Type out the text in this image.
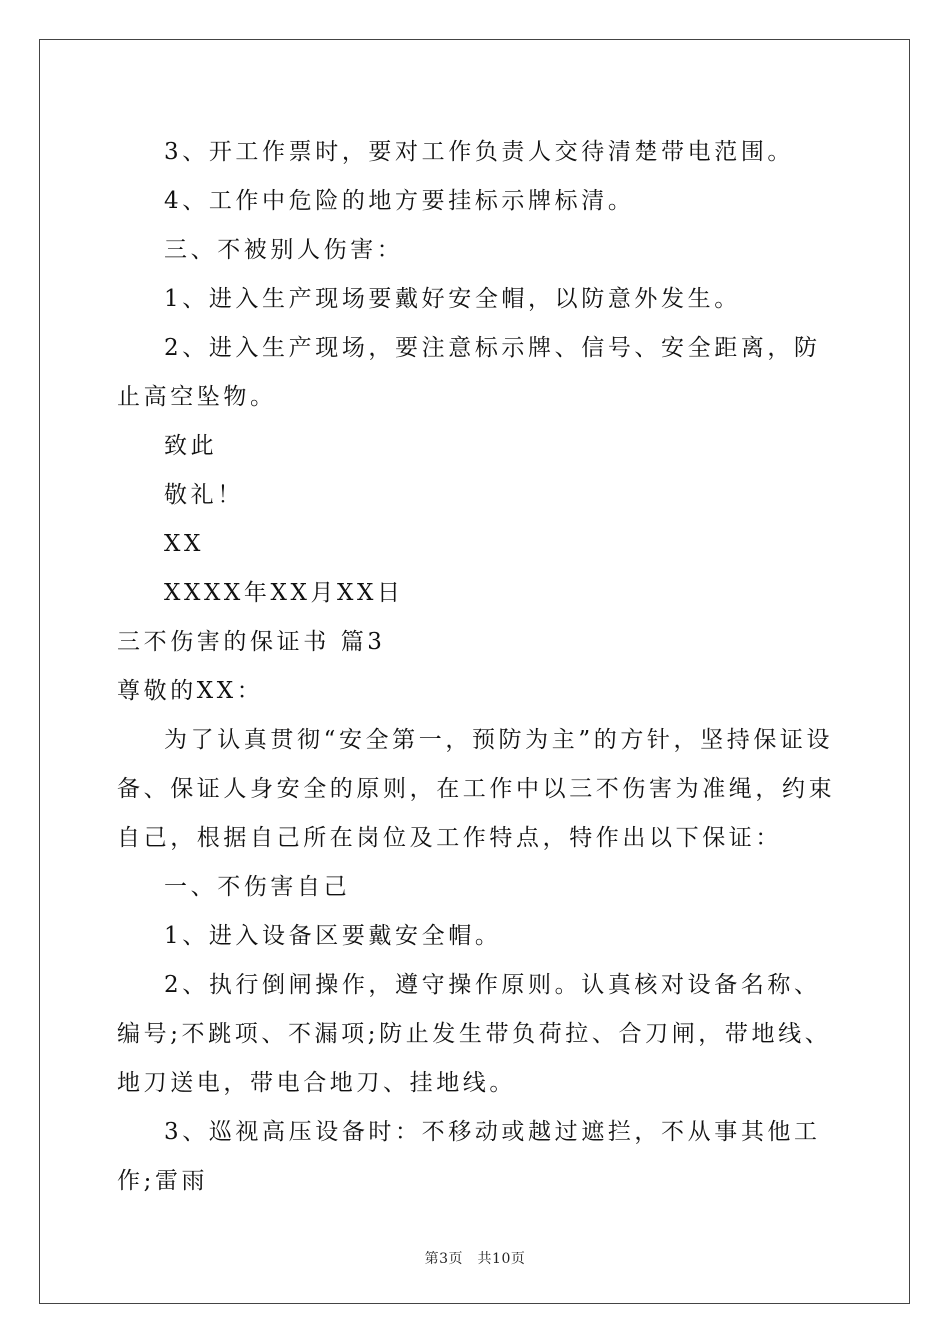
3、开工作票时，要对工作负责人交待清楚带电范围。

4、工作中危险的地方要挂标示牌标清。

三、不被别人伤害：

1、进入生产现场要戴好安全帽，以防意外发生。

2、进入生产现场，要注意标示牌、信号、安全距离，防止高空坠物。

致此

敬礼！

XX

XXXX年XX月XX日

三不伤害的保证书 篇3

尊敬的XX：

为了认真贯彻“安全第一，预防为主”的方针，坚持保证设备、保证人身安全的原则，在工作中以三不伤害为准绳，约束自己，根据自己所在岗位及工作特点，特作出以下保证：

一、不伤害自己

1、进入设备区要戴安全帽。

2、执行倒闸操作，遵守操作原则。认真核对设备名称、编号;不跳项、不漏项;防止发生带负荷拉、合刀闸，带地线、地刀送电，带电合地刀、挂地线。

3、巡视高压设备时：不移动或越过遮拦，不从事其他工作;雷雨

第3页　共10页
